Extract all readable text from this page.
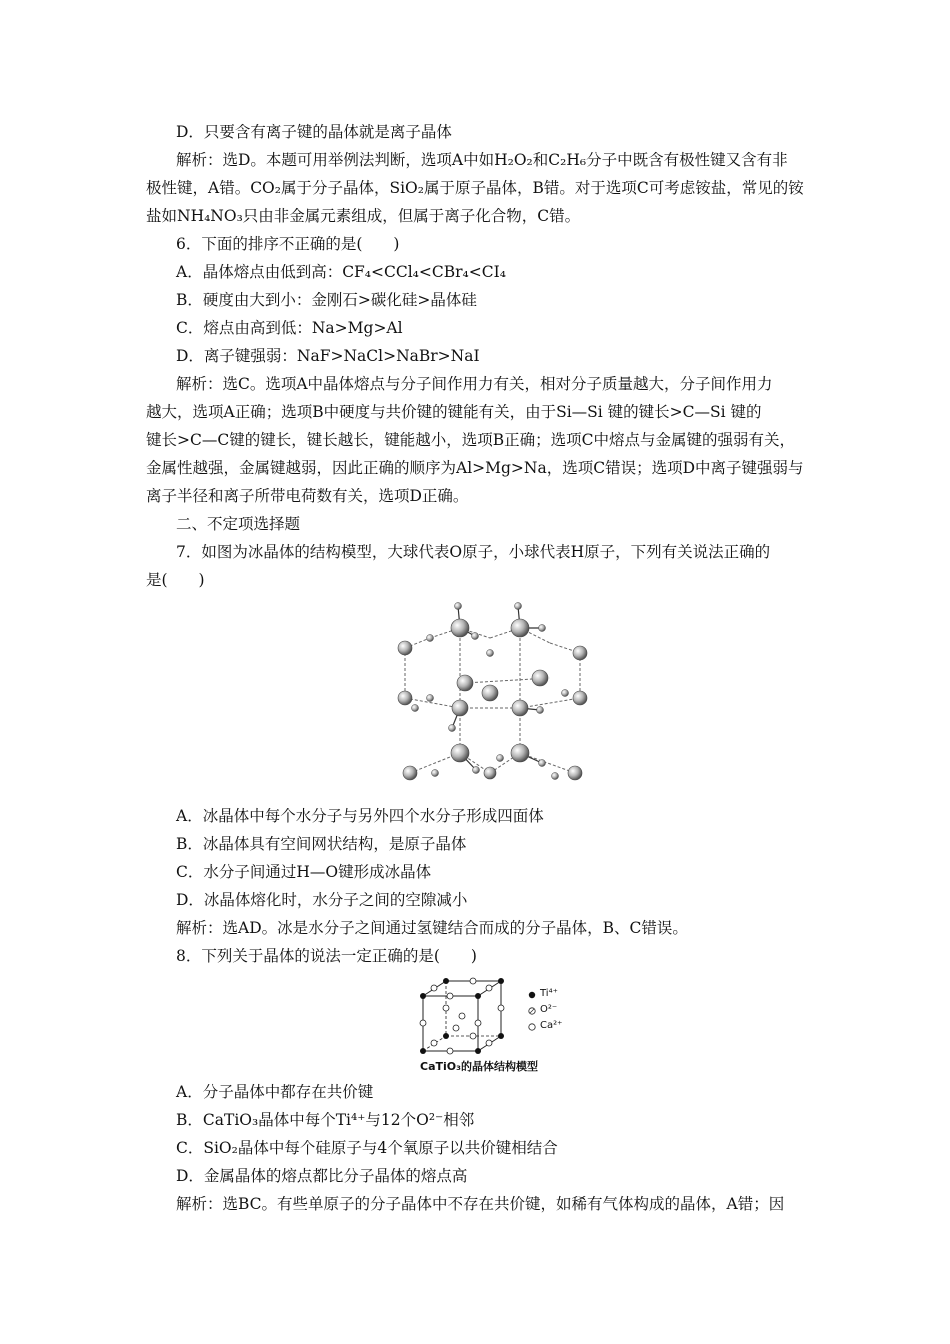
D．只要含有离子键的晶体就是离子晶体
解析：选D。本题可用举例法判断，选项A中如H₂O₂和C₂H₆分子中既含有极性键又含有非
极性键，A错。CO₂属于分子晶体，SiO₂属于原子晶体，B错。对于选项C可考虑铵盐，常见的铵
盐如NH₄NO₃只由非金属元素组成，但属于离子化合物，C错。
6．下面的排序不正确的是(　　)
A．晶体熔点由低到高：CF₄<CCl₄<CBr₄<CI₄
B．硬度由大到小：金刚石>碳化硅>晶体硅
C．熔点由高到低：Na>Mg>Al
D．离子键强弱：NaF>NaCl>NaBr>NaI
解析：选C。选项A中晶体熔点与分子间作用力有关，相对分子质量越大，分子间作用力
越大，选项A正确；选项B中硬度与共价键的键能有关，由于Si—Si 键的键长>C—Si 键的
键长>C—C键的键长，键长越长，键能越小，选项B正确；选项C中熔点与金属键的强弱有关，
金属性越强，金属键越弱，因此正确的顺序为Al>Mg>Na，选项C错误；选项D中离子键强弱与
离子半径和离子所带电荷数有关，选项D正确。
二、不定项选择题
7．如图为冰晶体的结构模型，大球代表O原子，小球代表H原子，下列有关说法正确的
是(　　)
A．冰晶体中每个水分子与另外四个水分子形成四面体
B．冰晶体具有空间网状结构，是原子晶体
C．水分子间通过H—O键形成冰晶体
D．冰晶体熔化时，水分子之间的空隙减小
解析：选AD。冰是水分子之间通过氢键结合而成的分子晶体，B、C错误。
8．下列关于晶体的说法一定正确的是(　　)
Ti⁴⁺
O²⁻
Ca²⁺
CaTiO₃的晶体结构模型
A．分子晶体中都存在共价键
B．CaTiO₃晶体中每个Ti⁴⁺与12个O²⁻相邻
C．SiO₂晶体中每个硅原子与4个氧原子以共价键相结合
D．金属晶体的熔点都比分子晶体的熔点高
解析：选BC。有些单原子的分子晶体中不存在共价键，如稀有气体构成的晶体，A错；因
